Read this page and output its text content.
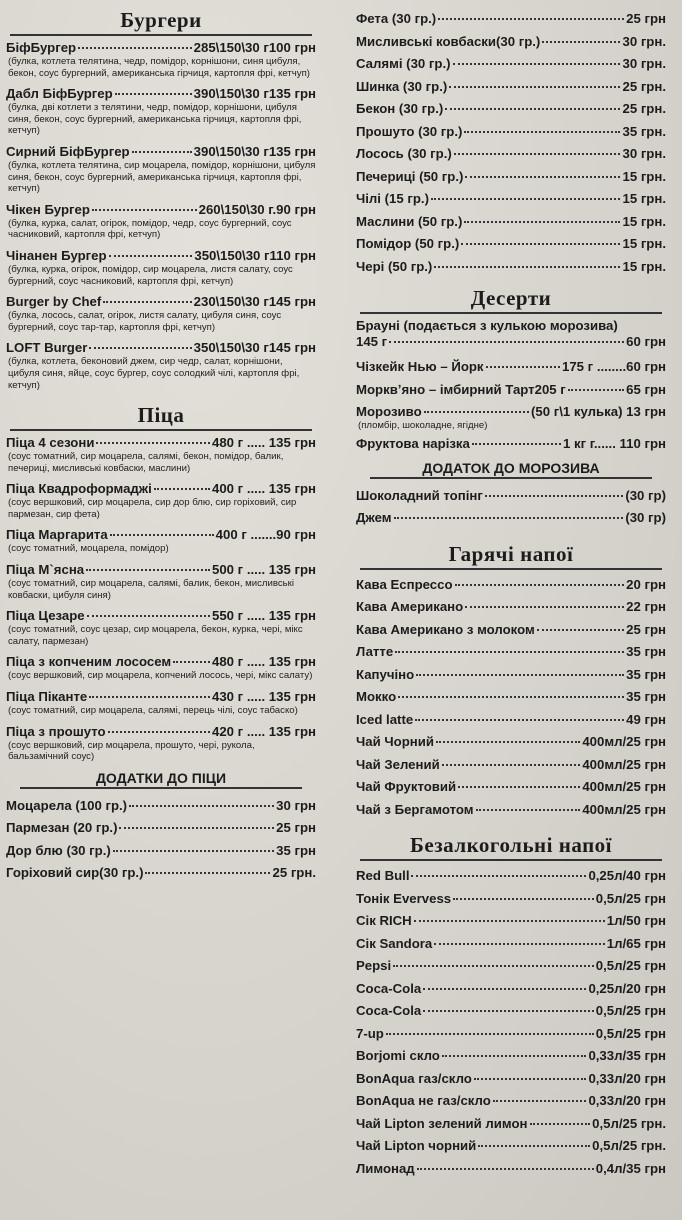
Бургери
БіфБургер	285\150\30 г100 грн
(булка, котлета телятина, чедр, помідор, корнішони, синя цибуля, бекон, соус бургерний, американська гірчиця, картопля фрі, кетчуп)
Дабл БіфБургер	390\150\30 г135 грн
(булка, дві котлети з телятини, чедр, помідор, корнішони, цибуля синя, бекон, соус бургерний, американська гірчиця, картопля фрі, кетчуп)
Сирний БіфБургер	390\150\30 г135 грн
(булка, котлета телятина, сир моцарела, помідор, корнішони, цибуля синя, бекон, соус бургерний, американська гірчиця, картопля фрі, кетчуп)
Чікен Бургер	260\150\30 г.90 грн
(булка, курка, салат, огірок, помідор, чедр, соус бургерний, соус часниковий, картопля фрі, кетчуп)
Чінанен Бургер	350\150\30 г110 грн
(булка, курка, огірок, помідор, сир моцарела, листя салату, соус бургерний, соус часниковий, картопля фрі, кетчуп)
Burger by Chef	230\150\30 г145 грн
(булка, лосось, салат, огірок, листя салату, цибуля синя, соус бургерний, соус тар-тар, картопля фрі, кетчуп)
LOFT Burger	350\150\30 г145 грн
(булка, котлета, беконовий джем, сир чедр, салат, корнішони, цибуля синя, яйце, соус бургер, соус солодкий чілі, картопля фрі, кетчуп)
Піца
Піца 4 сезони	480 г ..... 135 грн
(соус томатний, сир моцарела, салямі, бекон, помідор, балик, печериці, мисливські ковбаски, маслини)
Піца Квадроформаджі	400 г ..... 135 грн
(соус вершковий, сир моцарела, сир дор блю, сир горіховий, сир пармезан, сир фета)
Піца Маргарита	400 г .......90 грн
(соус томатний, моцарела, помідор)
Піца М`ясна	500 г ..... 135 грн
(соус томатний, сир моцарела, салямі, балик, бекон, мисливські ковбаски, цибуля синя)
Піца Цезаре	550 г ..... 135 грн
(соус томатний, соус цезар, сир моцарела, бекон, курка, чері, мікс салату, пармезан)
Піца з копченим лососем	480 г ..... 135 грн
(соус вершковий, сир моцарела, копчений лосось, чері, мікс салату)
Піца Піканте	430 г ..... 135 грн
(соус томатний, сир моцарела, салямі, перець чілі, соус табаско)
Піца з прошуто	420 г ..... 135 грн
(соус вершковий, сир моцарела, прошуто, чері, рукола, бальзамічний соус)
ДОДАТКИ ДО ПІЦИ
Моцарела (100 гр.)	30 грн
Пармезан (20 гр.)	25 грн
Дор блю (30 гр.)	35 грн
Горіховий сир(30 гр.)	25 грн.
Фета (30 гр.)	25 грн
Мисливські ковбаски(30 гр.)	30 грн.
Салямі (30 гр.)	30 грн.
Шинка (30 гр.)	25 грн.
Бекон (30 гр.)	25 грн.
Прошуто (30 гр.)	35 грн.
Лосось (30 гр.)	30 грн.
Печериці (50 гр.)	15 грн.
Чілі (15 гр.)	15 грн.
Маслини (50 гр.)	15 грн.
Помідор (50 гр.)	15 грн.
Чері (50 гр.)	15 грн.
Десерти
Брауні (подається з кулькою морозива)
145 г	60 грн
Чізкейк Нью – Йорк	175 г ........60 грн
Морквʼяно – імбирний Тарт205 г	65 грн
Морозиво	(50 г\1 кулька) 13 грн
(пломбір, шоколадне, ягідне)
Фруктова нарізка	1 кг г...... 110 грн
ДОДАТОК ДО МОРОЗИВА
Шоколадний топінг	(30 гр)
Джем	(30 гр)
Гарячі напої
Кава Еспрессо	20 грн
Кава Американо	22 грн
Кава Американо з молоком	25 грн
Латте	35 грн
Капучіно	35 грн
Мокко	35 грн
Iced latte	49 грн
Чай Чорний	400мл/25 грн
Чай Зелений	400мл/25 грн
Чай Фруктовий	400мл/25 грн
Чай з Бергамотом	400мл/25 грн
Безалкогольні напої
Red Bull	0,25л/40 грн
Тонік Evervess	0,5л/25 грн
Сік RICH	1л/50 грн
Сік Sandora	1л/65 грн
Pepsi	0,5л/25 грн
Coca-Cola	0,25л/20 грн
Coca-Cola	0,5л/25 грн
7-up	0,5л/25 грн
Borjomi скло	0,33л/35 грн
BonAqua газ/скло	0,33л/20 грн
BonAqua не газ/скло	0,33л/20 грн
Чай Lipton зелений лимон	0,5л/25 грн.
Чай Lipton чорний	0,5л/25 грн.
Лимонад	0,4л/35 грн
